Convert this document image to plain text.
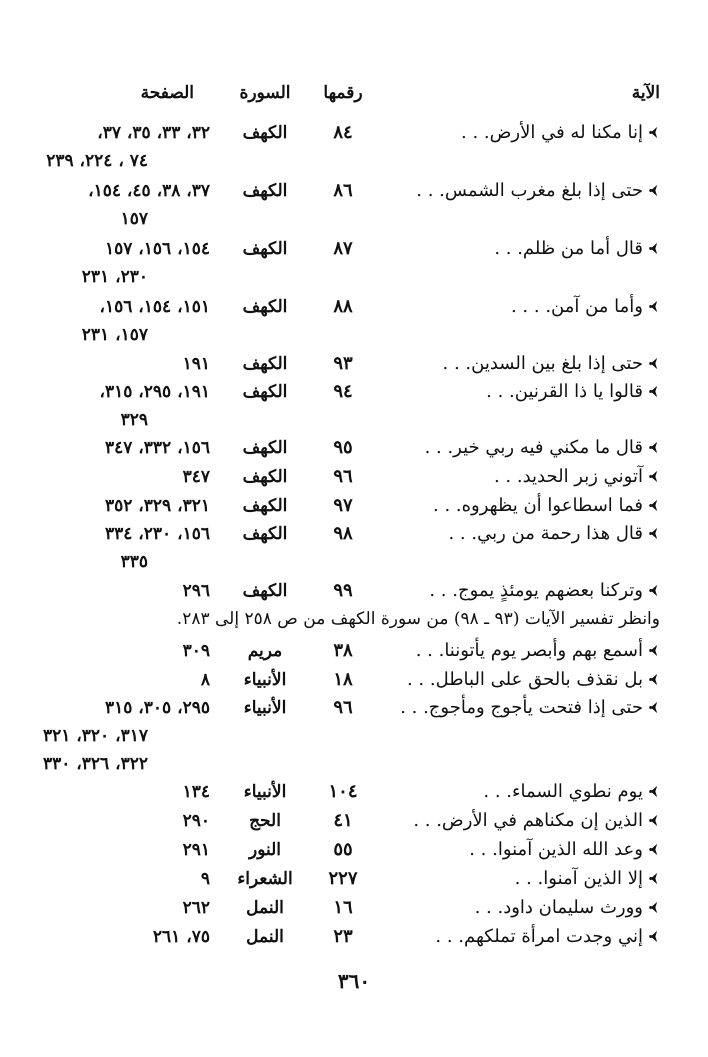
الآية
رقمها
السورة
الصفحة
إنا مكنا له في الأرض. . .
٨٤
الكهف
٣٢، ٣٣، ٣٥، ٣٧،
٧٤ ، ٢٢٤، ٢٣٩
حتى إذا بلغ مغرب الشمس. . .
٨٦
الكهف
٣٧، ٣٨، ٤٥، ١٥٤،
١٥٧
قال أما من ظلم. . .
٨٧
الكهف
١٥٤، ١٥٦، ١٥٧
٢٣٠، ٢٣١
وأما من آمن. . . .
٨٨
الكهف
١٥١، ١٥٤، ١٥٦،
١٥٧، ٢٣١
حتى إذا بلغ بين السدين. . .
٩٣
الكهف
١٩١
قالوا يا ذا القرنين. . .
٩٤
الكهف
١٩١، ٢٩٥، ٣١٥،
٣٢٩
قال ما مكني فيه ربي خير. . .
٩٥
الكهف
١٥٦، ٣٣٢، ٣٤٧
آتوني زبر الحديد. . .
٩٦
الكهف
٣٤٧
فما اسطاعوا أن يظهروه. . .
٩٧
الكهف
٣٢١، ٣٢٩، ٣٥٢
قال هذا رحمة من ربي. . .
٩٨
الكهف
١٥٦، ٢٣٠، ٣٣٤
٣٣٥
وتركنا بعضهم يومئذٍ يموج. . .
٩٩
الكهف
٢٩٦
أسمع بهم وأبصر يوم يأتوننا. . .
٣٨
مريم
٣٠٩
بل نقذف بالحق على الباطل. . .
١٨
الأنبياء
٨
حتى إذا فتحت يأجوج ومأجوج. . .
٩٦
الأنبياء
٢٩٥، ٣٠٥، ٣١٥
٣١٧، ٣٢٠، ٣٢١
٣٢٢، ٣٢٦، ٣٣٠
يوم نطوي السماء. . .
١٠٤
الأنبياء
١٣٤
الذين إن مكناهم في الأرض. . .
٤١
الحج
٢٩٠
وعد الله الذين آمنوا. . .
٥٥
النور
٢٩١
إلا الذين آمنوا. . .
٢٢٧
الشعراء
٩
وورث سليمان داود. . .
١٦
النمل
٢٦٢
إني وجدت امرأة تملكهم. . .
٢٣
النمل
٧٥، ٢٦١
وانظر تفسير الآيات (٩٣ ـ ٩٨) من سورة الكهف من ص ٢٥٨ إلى ٢٨٣.
٣٦٠
